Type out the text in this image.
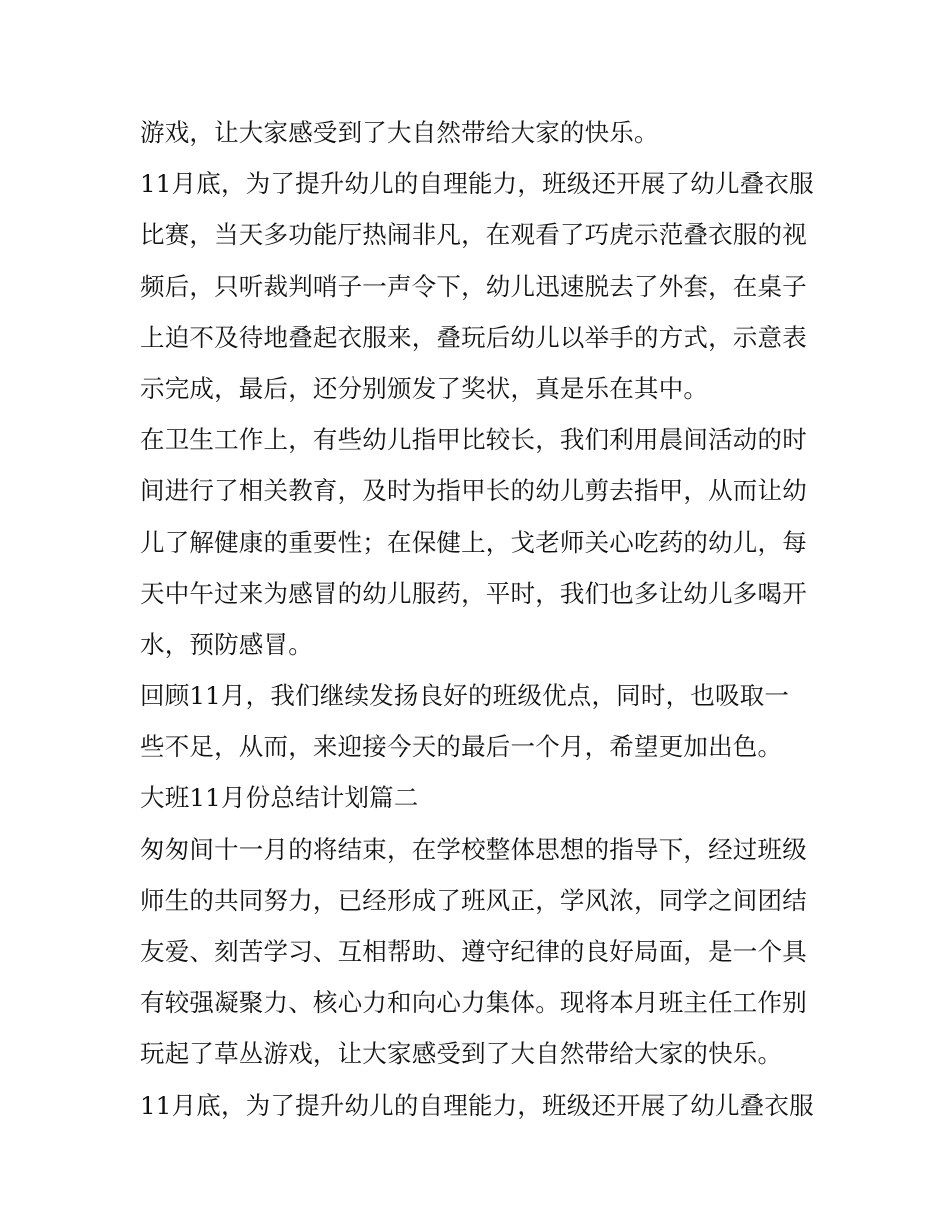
游戏，让大家感受到了大自然带给大家的快乐。
11月底，为了提升幼儿的自理能力，班级还开展了幼儿叠衣服
比赛，当天多功能厅热闹非凡，在观看了巧虎示范叠衣服的视
频后，只听裁判哨子一声令下，幼儿迅速脱去了外套，在桌子
上迫不及待地叠起衣服来，叠玩后幼儿以举手的方式，示意表
示完成，最后，还分别颁发了奖状，真是乐在其中。
在卫生工作上，有些幼儿指甲比较长，我们利用晨间活动的时
间进行了相关教育，及时为指甲长的幼儿剪去指甲，从而让幼
儿了解健康的重要性；在保健上，戈老师关心吃药的幼儿，每
天中午过来为感冒的幼儿服药，平时，我们也多让幼儿多喝开
水，预防感冒。
回顾11月，我们继续发扬良好的班级优点，同时，也吸取一
些不足，从而，来迎接今天的最后一个月，希望更加出色。
大班11月份总结计划篇二
匆匆间十一月的将结束，在学校整体思想的指导下，经过班级
师生的共同努力，已经形成了班风正，学风浓，同学之间团结
友爱、刻苦学习、互相帮助、遵守纪律的良好局面，是一个具
有较强凝聚力、核心力和向心力集体。现将本月班主任工作别
玩起了草丛游戏，让大家感受到了大自然带给大家的快乐。
11月底，为了提升幼儿的自理能力，班级还开展了幼儿叠衣服
